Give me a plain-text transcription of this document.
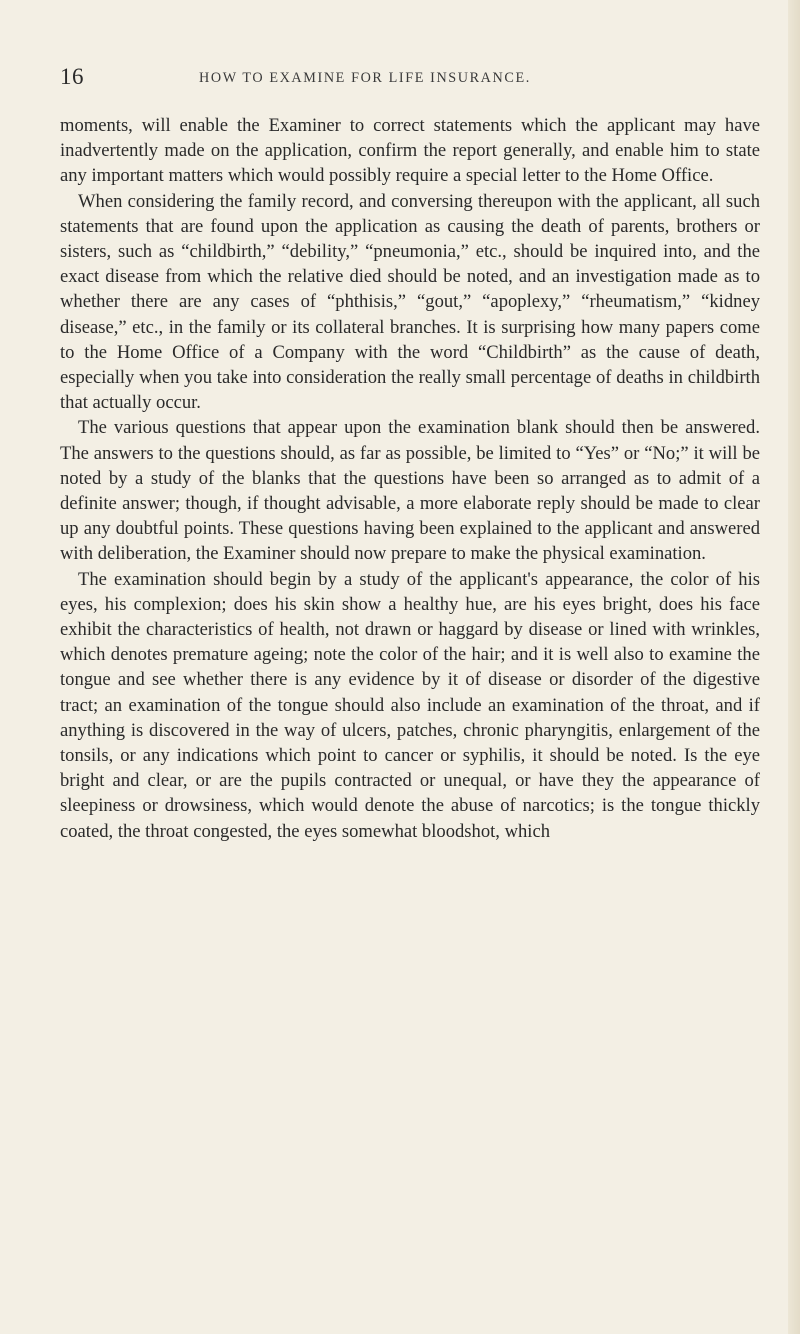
16	HOW TO EXAMINE FOR LIFE INSURANCE.

moments, will enable the Examiner to correct statements which the applicant may have inadvertently made on the application, confirm the report generally, and enable him to state any important matters which would possibly require a special letter to the Home Office.

When considering the family record, and conversing thereupon with the applicant, all such statements that are found upon the application as causing the death of parents, brothers or sisters, such as “childbirth,” “debility,” “pneumonia,” etc., should be inquired into, and the exact disease from which the relative died should be noted, and an investigation made as to whether there are any cases of “phthisis,” “gout,” “apoplexy,” “rheumatism,” “kidney disease,” etc., in the family or its collateral branches. It is surprising how many papers come to the Home Office of a Company with the word “Childbirth” as the cause of death, especially when you take into consideration the really small percentage of deaths in childbirth that actually occur.

The various questions that appear upon the examination blank should then be answered. The answers to the questions should, as far as possible, be limited to “Yes” or “No;” it will be noted by a study of the blanks that the questions have been so arranged as to admit of a definite answer; though, if thought advisable, a more elaborate reply should be made to clear up any doubtful points. These questions having been explained to the applicant and answered with deliberation, the Examiner should now prepare to make the physical examination.

The examination should begin by a study of the applicant's appearance, the color of his eyes, his complexion; does his skin show a healthy hue, are his eyes bright, does his face exhibit the characteristics of health, not drawn or haggard by disease or lined with wrinkles, which denotes premature ageing; note the color of the hair; and it is well also to examine the tongue and see whether there is any evidence by it of disease or disorder of the digestive tract; an examination of the tongue should also include an examination of the throat, and if anything is discovered in the way of ulcers, patches, chronic pharyngitis, enlargement of the tonsils, or any indications which point to cancer or syphilis, it should be noted. Is the eye bright and clear, or are the pupils contracted or unequal, or have they the appearance of sleepiness or drowsiness, which would denote the abuse of narcotics; is the tongue thickly coated, the throat congested, the eyes somewhat bloodshot, which
